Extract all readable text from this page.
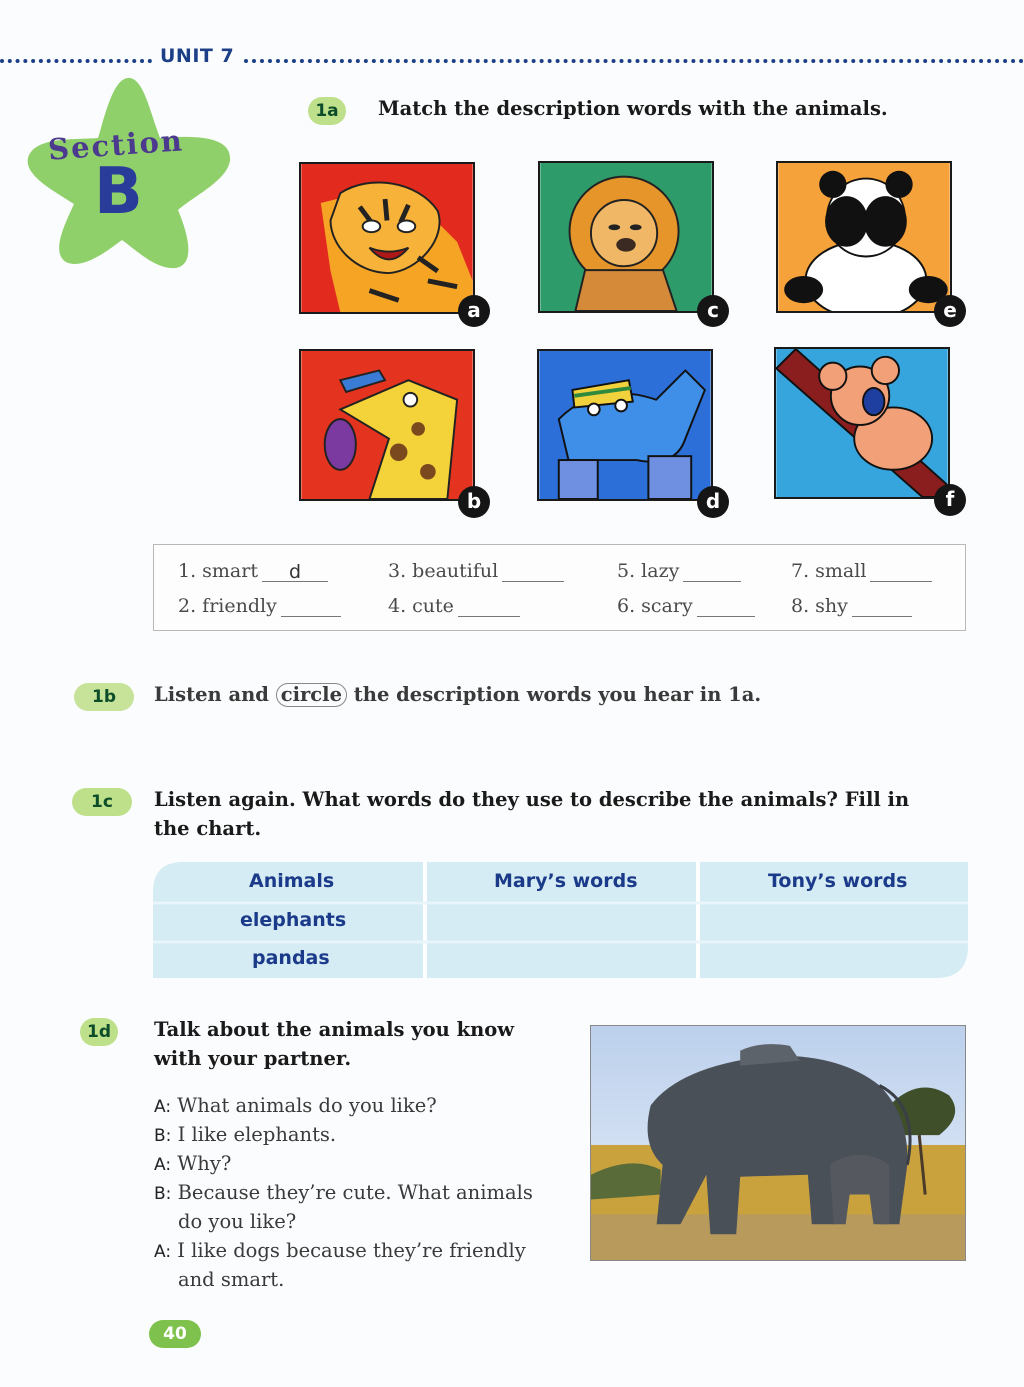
UNIT 7
Section
B
1a	Match the description words with the animals.
a	c	e
b	d	f
1. smart d
2. friendly
3. beautiful
4. cute
5. lazy
6. scary
7. small
8. shy
1b	Listen and circle the description words you hear in 1a.
1c	Listen again. What words do they use to describe the animals? Fill in
the chart.
Animals	Mary’s words	Tony’s words
elephants
pandas
1d	Talk about the animals you know
with your partner.
A: What animals do you like?
B: I like elephants.
A: Why?
B: Because they’re cute. What animals
do you like?
A: I like dogs because they’re friendly
and smart.
40
